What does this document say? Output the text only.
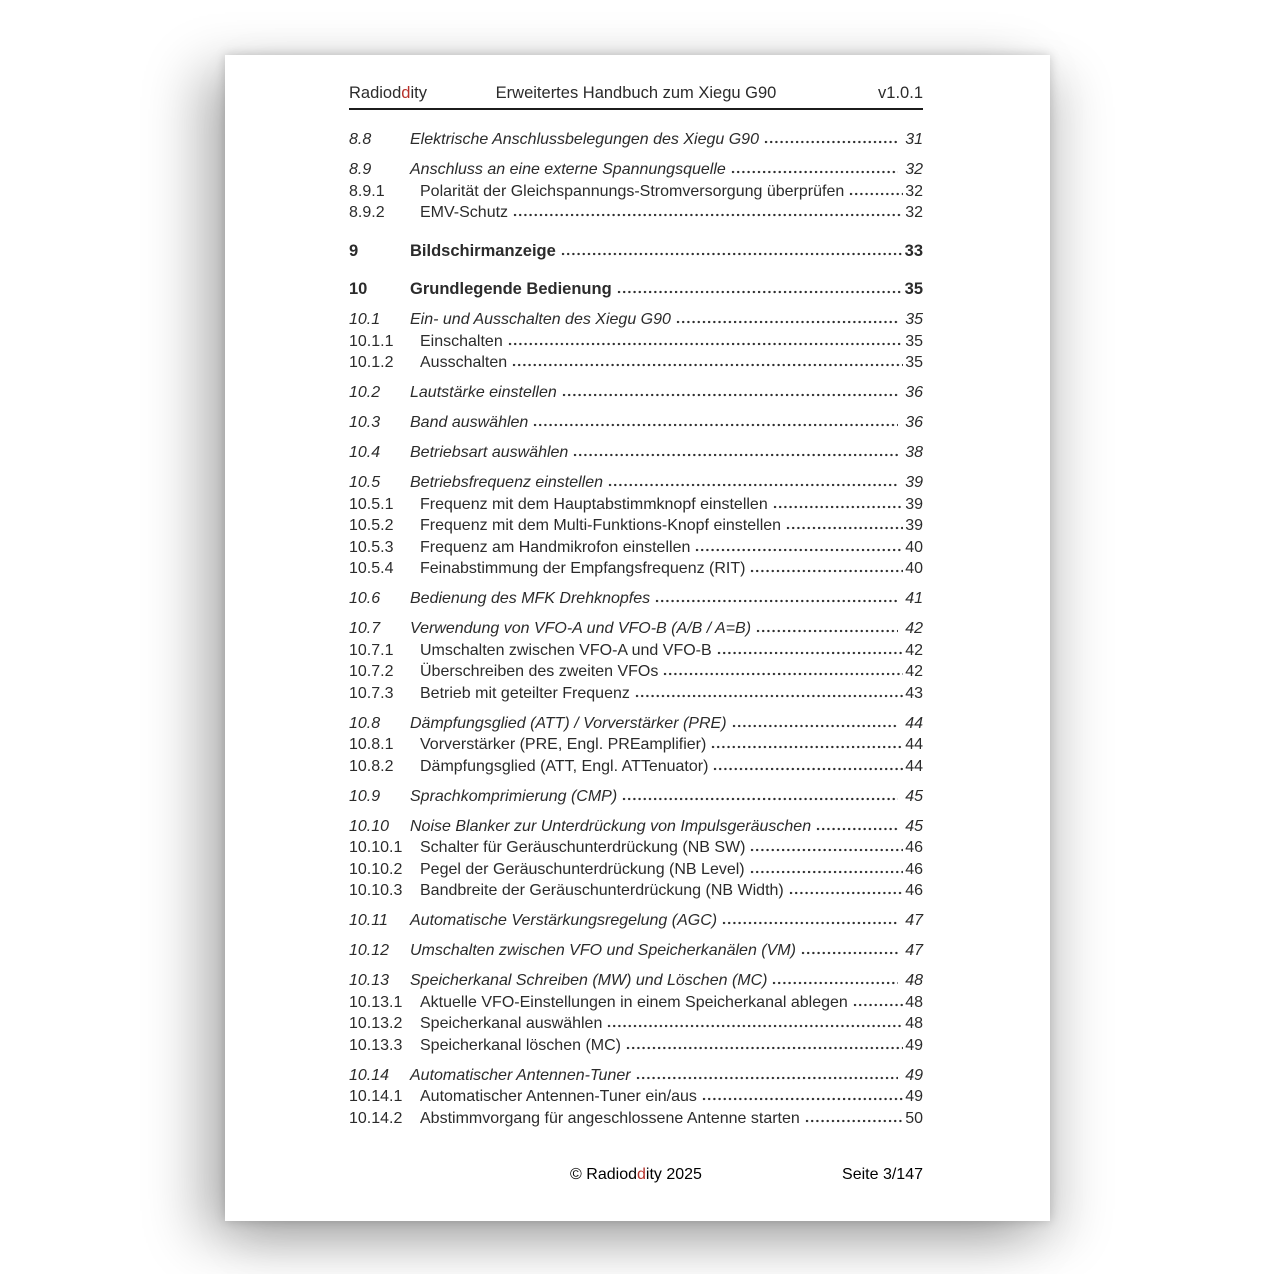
Radioddity	Erweitertes Handbuch zum Xiegu G90	v1.0.1
8.8	Elektrische Anschlussbelegungen des Xiegu G90	31
8.9	Anschluss an eine externe Spannungsquelle	32
8.9.1	Polarität der Gleichspannungs-Stromversorgung überprüfen	32
8.9.2	EMV-Schutz	32
9	Bildschirmanzeige	33
10	Grundlegende Bedienung	35
10.1	Ein- und Ausschalten des Xiegu G90	35
10.1.1	Einschalten	35
10.1.2	Ausschalten	35
10.2	Lautstärke einstellen	36
10.3	Band auswählen	36
10.4	Betriebsart auswählen	38
10.5	Betriebsfrequenz einstellen	39
10.5.1	Frequenz mit dem Hauptabstimmknopf einstellen	39
10.5.2	Frequenz mit dem Multi-Funktions-Knopf einstellen	39
10.5.3	Frequenz am Handmikrofon einstellen	40
10.5.4	Feinabstimmung der Empfangsfrequenz (RIT)	40
10.6	Bedienung des MFK Drehknopfes	41
10.7	Verwendung von VFO-A und VFO-B (A/B / A=B)	42
10.7.1	Umschalten zwischen VFO-A und VFO-B	42
10.7.2	Überschreiben des zweiten VFOs	42
10.7.3	Betrieb mit geteilter Frequenz	43
10.8	Dämpfungsglied (ATT) / Vorverstärker (PRE)	44
10.8.1	Vorverstärker (PRE, Engl. PREamplifier)	44
10.8.2	Dämpfungsglied (ATT, Engl. ATTenuator)	44
10.9	Sprachkomprimierung (CMP)	45
10.10	Noise Blanker zur Unterdrückung von Impulsgeräuschen	45
10.10.1	Schalter für Geräuschunterdrückung (NB SW)	46
10.10.2	Pegel der Geräuschunterdrückung (NB Level)	46
10.10.3	Bandbreite der Geräuschunterdrückung (NB Width)	46
10.11	Automatische Verstärkungsregelung (AGC)	47
10.12	Umschalten zwischen VFO und Speicherkanälen (VM)	47
10.13	Speicherkanal Schreiben (MW) und Löschen (MC)	48
10.13.1	Aktuelle VFO-Einstellungen in einem Speicherkanal ablegen	48
10.13.2	Speicherkanal auswählen	48
10.13.3	Speicherkanal löschen (MC)	49
10.14	Automatischer Antennen-Tuner	49
10.14.1	Automatischer Antennen-Tuner ein/aus	49
10.14.2	Abstimmvorgang für angeschlossene Antenne starten	50
© Radioddity 2025	Seite 3/147
